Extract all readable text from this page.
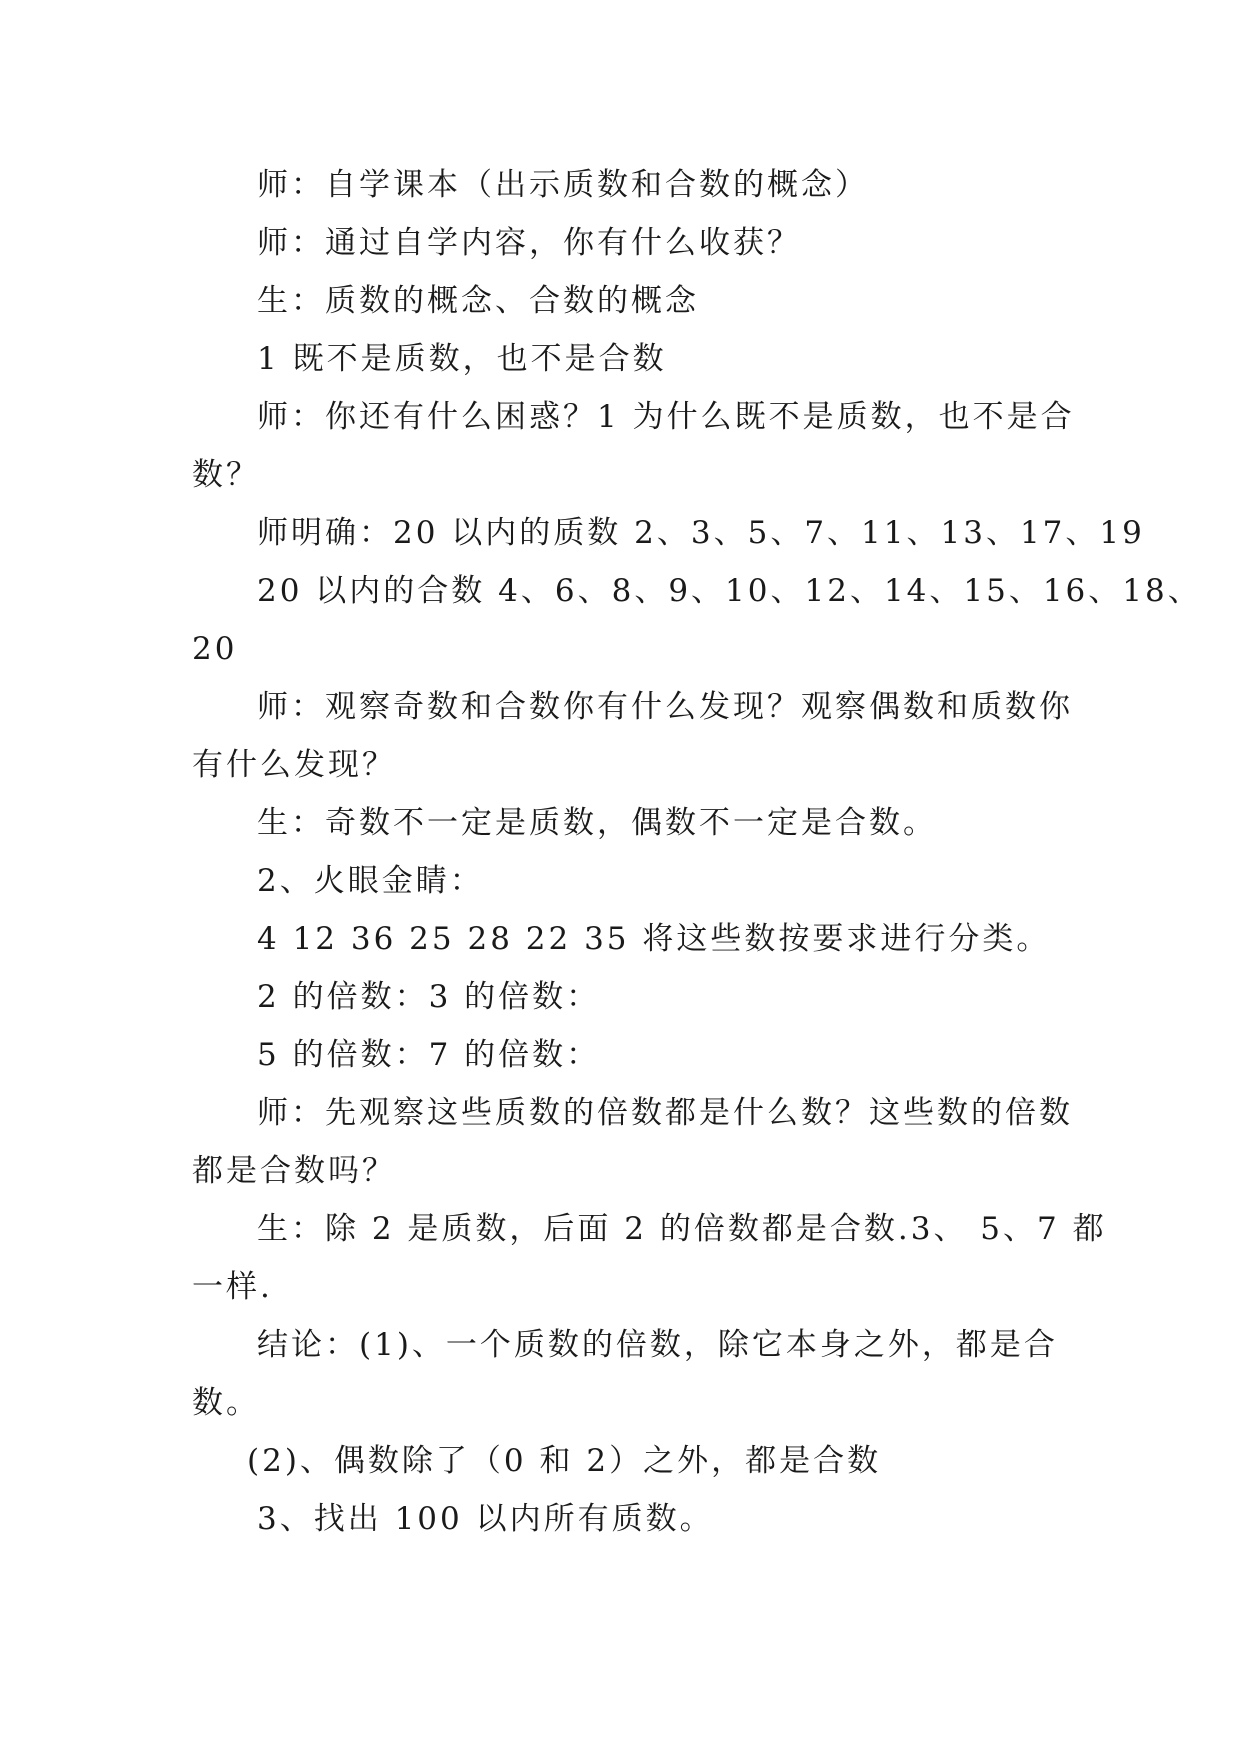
师：自学课本（出示质数和合数的概念）
师：通过自学内容，你有什么收获？
生：质数的概念、合数的概念
1 既不是质数，也不是合数
师：你还有什么困惑？1 为什么既不是质数，也不是合
数？
师明确：20 以内的质数 2、3、5、7、11、13、17、19
20 以内的合数 4、6、8、9、10、12、14、15、16、18、
20
师：观察奇数和合数你有什么发现？观察偶数和质数你
有什么发现？
生：奇数不一定是质数，偶数不一定是合数。
2、火眼金睛：
4 12 36 25 28 22 35 将这些数按要求进行分类。
2 的倍数：3 的倍数：
5 的倍数：7 的倍数：
师：先观察这些质数的倍数都是什么数？这些数的倍数
都是合数吗？
生：除 2 是质数，后面 2 的倍数都是合数.3、 5、7 都
一样.
结论：(1)、一个质数的倍数，除它本身之外，都是合
数。
(2)、偶数除了（0 和 2）之外，都是合数
3、找出 100 以内所有质数。
